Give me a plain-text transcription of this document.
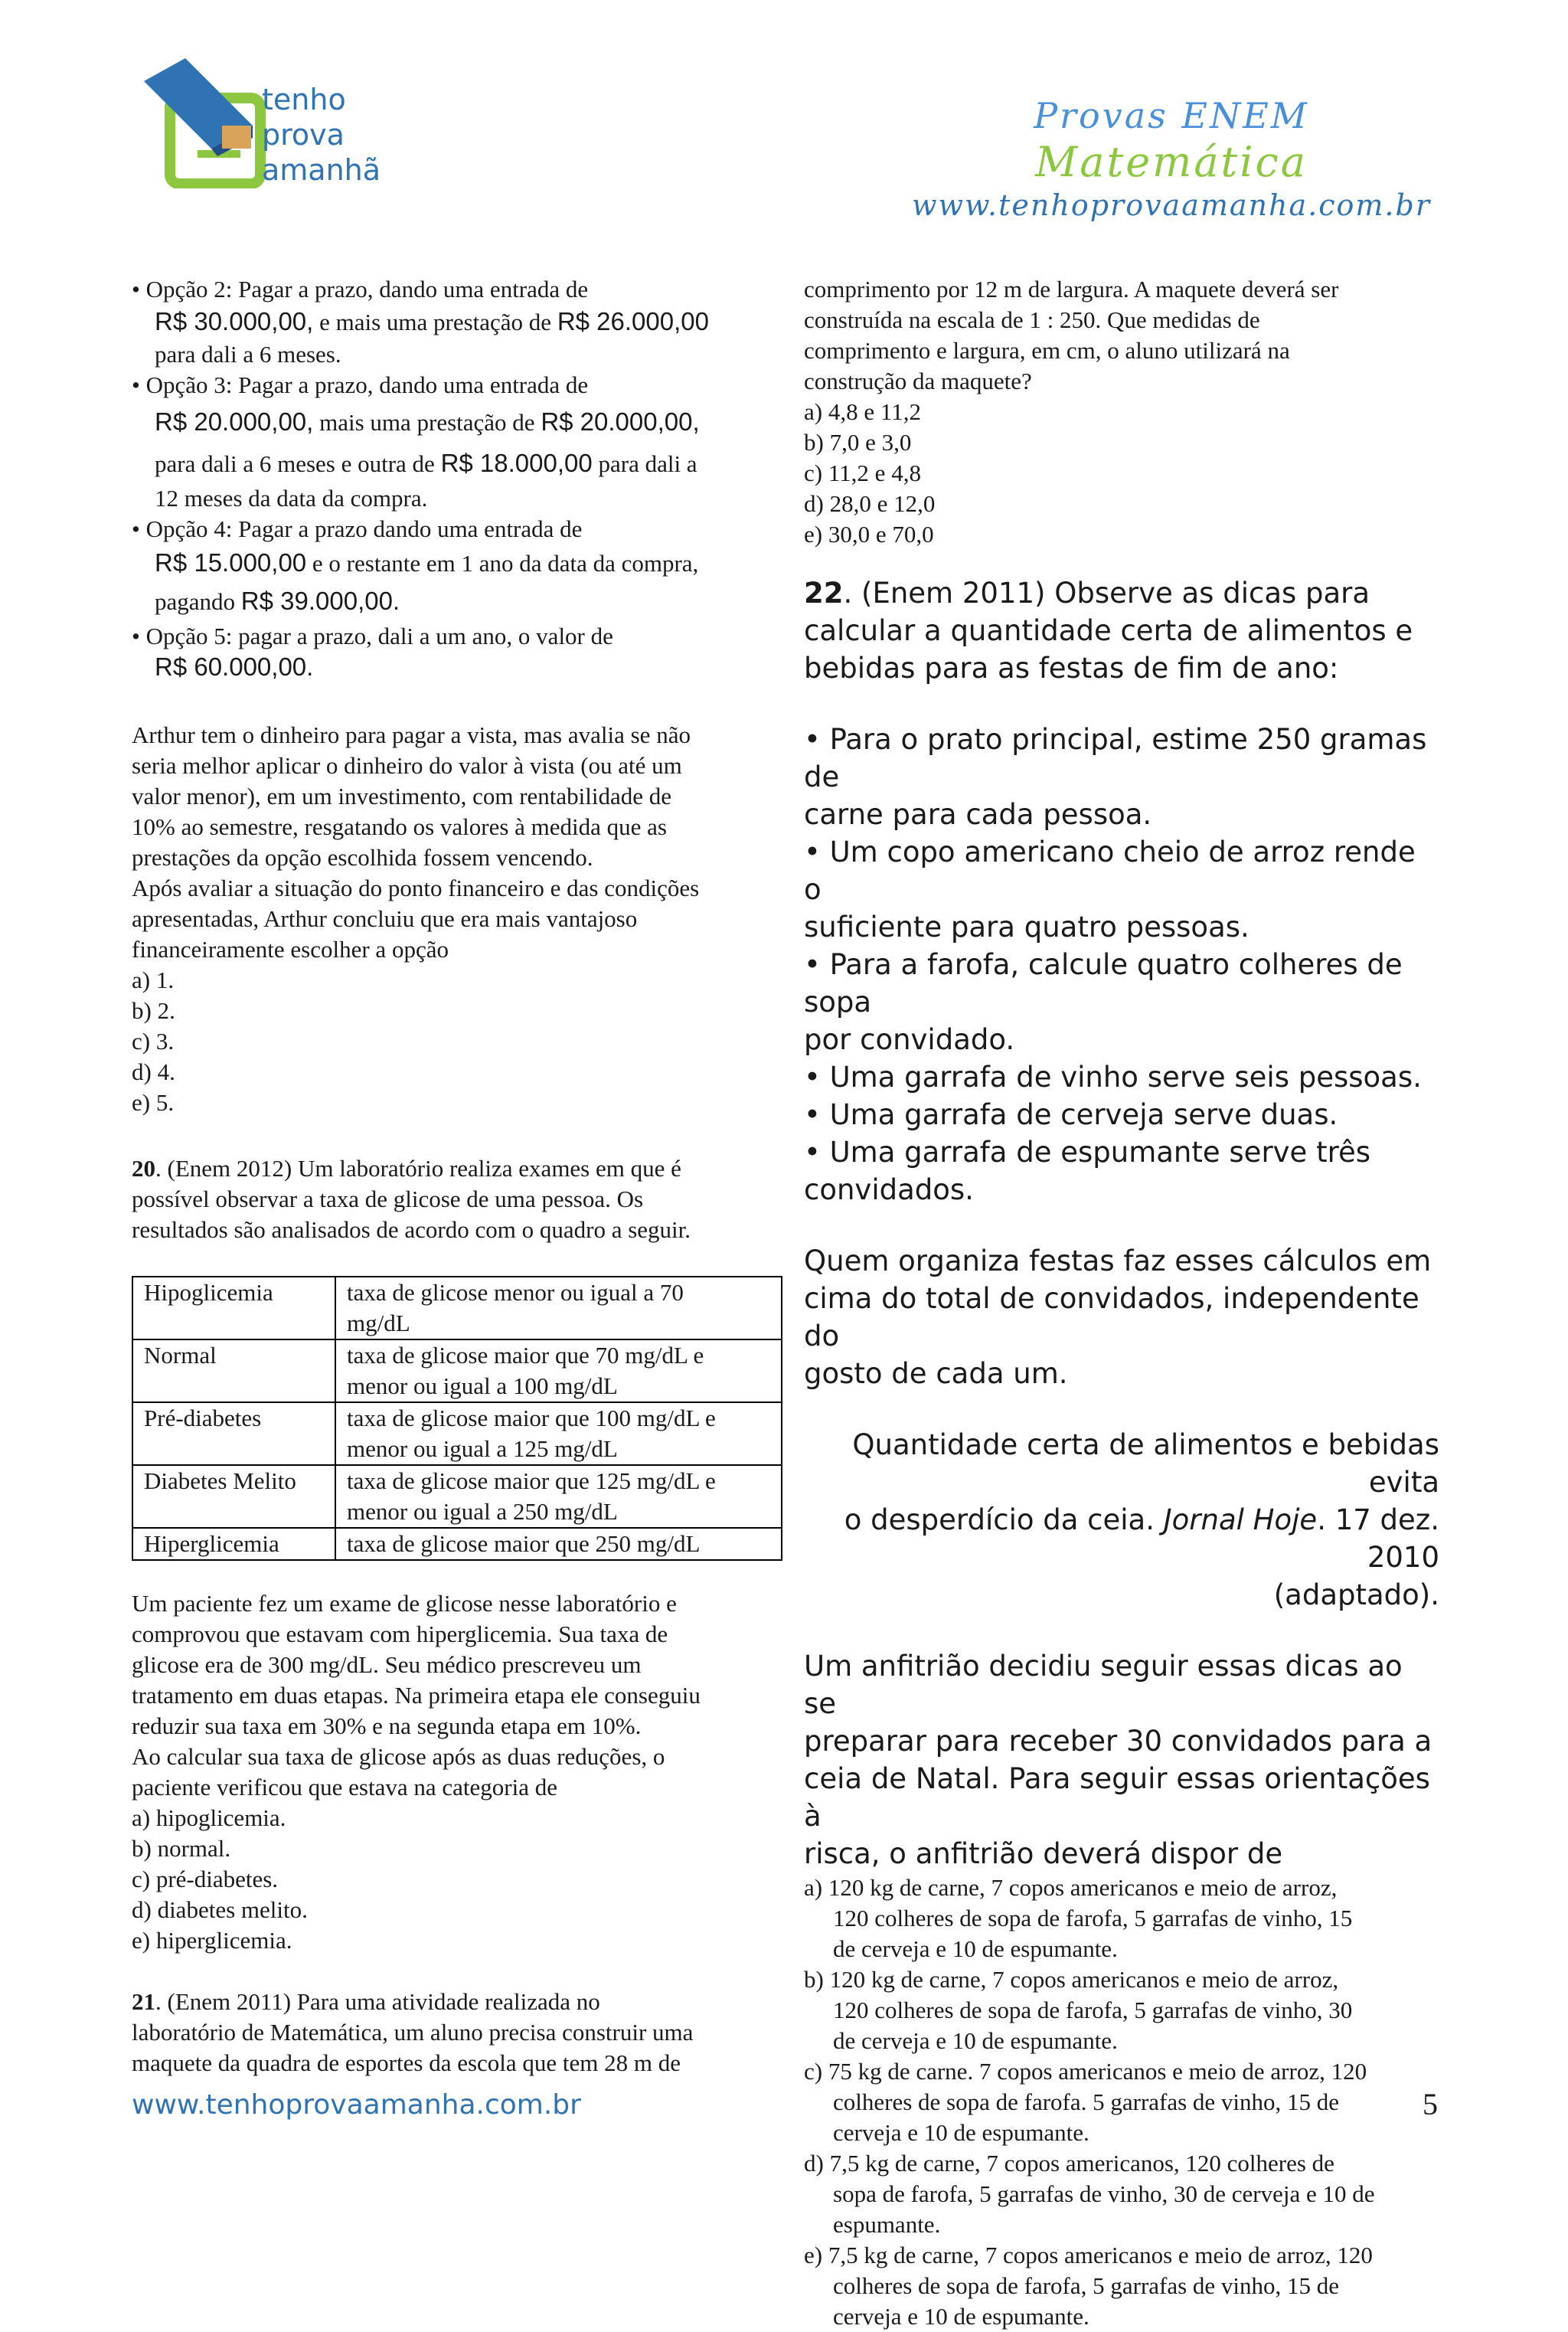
tenho
prova
amanhã
Provas ENEM
Matemática
www.tenhoprovaamanha.com.br

• Opção 2: Pagar a prazo, dando uma entrada de

R$ 30.000,00, e mais uma prestação de R$ 26.000,00

para dali a 6 meses.

• Opção 3: Pagar a prazo, dando uma entrada de

R$ 20.000,00, mais uma prestação de R$ 20.000,00,

para dali a 6 meses e outra de R$ 18.000,00 para dali a

12 meses da data da compra.

• Opção 4: Pagar a prazo dando uma entrada de

R$ 15.000,00 e o restante em 1 ano da data da compra,

pagando R$ 39.000,00.

• Opção 5: pagar a prazo, dali a um ano, o valor de

R$ 60.000,00.

Arthur tem o dinheiro para pagar a vista, mas avalia se não

seria melhor aplicar o dinheiro do valor à vista (ou até um

valor menor), em um investimento, com rentabilidade de

10% ao semestre, resgatando os valores à medida que as

prestações da opção escolhida fossem vencendo.

Após avaliar a situação do ponto financeiro e das condições

apresentadas, Arthur concluiu que era mais vantajoso

financeiramente escolher a opção

a) 1.

b) 2.

c) 3.

d) 4.

e) 5.

20. (Enem 2012) Um laboratório realiza exames em que é

possível observar a taxa de glicose de uma pessoa. Os

resultados são analisados de acordo com o quadro a seguir.

Hipoglicemia	taxa de glicose menor ou igual a 70
mg/dL

Normal	taxa de glicose maior que 70 mg/dL e
menor ou igual a 100 mg/dL

Pré-diabetes	taxa de glicose maior que 100 mg/dL e
menor ou igual a 125 mg/dL

Diabetes Melito	taxa de glicose maior que 125 mg/dL e
menor ou igual a 250 mg/dL

Hiperglicemia	taxa de glicose maior que 250 mg/dL

Um paciente fez um exame de glicose nesse laboratório e

comprovou que estavam com hiperglicemia. Sua taxa de

glicose era de 300 mg/dL. Seu médico prescreveu um

tratamento em duas etapas. Na primeira etapa ele conseguiu

reduzir sua taxa em 30% e na segunda etapa em 10%.

Ao calcular sua taxa de glicose após as duas reduções, o

paciente verificou que estava na categoria de

a) hipoglicemia.

b) normal.

c) pré-diabetes.

d) diabetes melito.

e) hiperglicemia.

21. (Enem 2011) Para uma atividade realizada no

laboratório de Matemática, um aluno precisa construir uma

maquete da quadra de esportes da escola que tem 28 m de

comprimento por 12 m de largura. A maquete deverá ser

construída na escala de 1 : 250. Que medidas de

comprimento e largura, em cm, o aluno utilizará na

construção da maquete?

a) 4,8 e 11,2

b) 7,0 e 3,0

c) 11,2 e 4,8

d) 28,0 e 12,0

e) 30,0 e 70,0

22. (Enem 2011) Observe as dicas para

calcular a quantidade certa de alimentos e

bebidas para as festas de fim de ano:

• Para o prato principal, estime 250 gramas de

carne para cada pessoa.

• Um copo americano cheio de arroz rende o

suficiente para quatro pessoas.

• Para a farofa, calcule quatro colheres de sopa

por convidado.

• Uma garrafa de vinho serve seis pessoas.

• Uma garrafa de cerveja serve duas.

• Uma garrafa de espumante serve três

convidados.

Quem organiza festas faz esses cálculos em

cima do total de convidados, independente do

gosto de cada um.

Quantidade certa de alimentos e bebidas evita

o desperdício da ceia. Jornal Hoje. 17 dez. 2010

(adaptado).

Um anfitrião decidiu seguir essas dicas ao se

preparar para receber 30 convidados para a

ceia de Natal. Para seguir essas orientações à

risca, o anfitrião deverá dispor de

a) 120 kg de carne, 7 copos americanos e meio de arroz,

120 colheres de sopa de farofa, 5 garrafas de vinho, 15

de cerveja e 10 de espumante.

b) 120 kg de carne, 7 copos americanos e meio de arroz,

120 colheres de sopa de farofa, 5 garrafas de vinho, 30

de cerveja e 10 de espumante.

c) 75 kg de carne. 7 copos americanos e meio de arroz, 120

colheres de sopa de farofa. 5 garrafas de vinho, 15 de

cerveja e 10 de espumante.

d) 7,5 kg de carne, 7 copos americanos, 120 colheres de

sopa de farofa, 5 garrafas de vinho, 30 de cerveja e 10 de

espumante.

e) 7,5 kg de carne, 7 copos americanos e meio de arroz, 120

colheres de sopa de farofa, 5 garrafas de vinho, 15 de

cerveja e 10 de espumante.

www.tenhoprovaamanha.com.br	5
